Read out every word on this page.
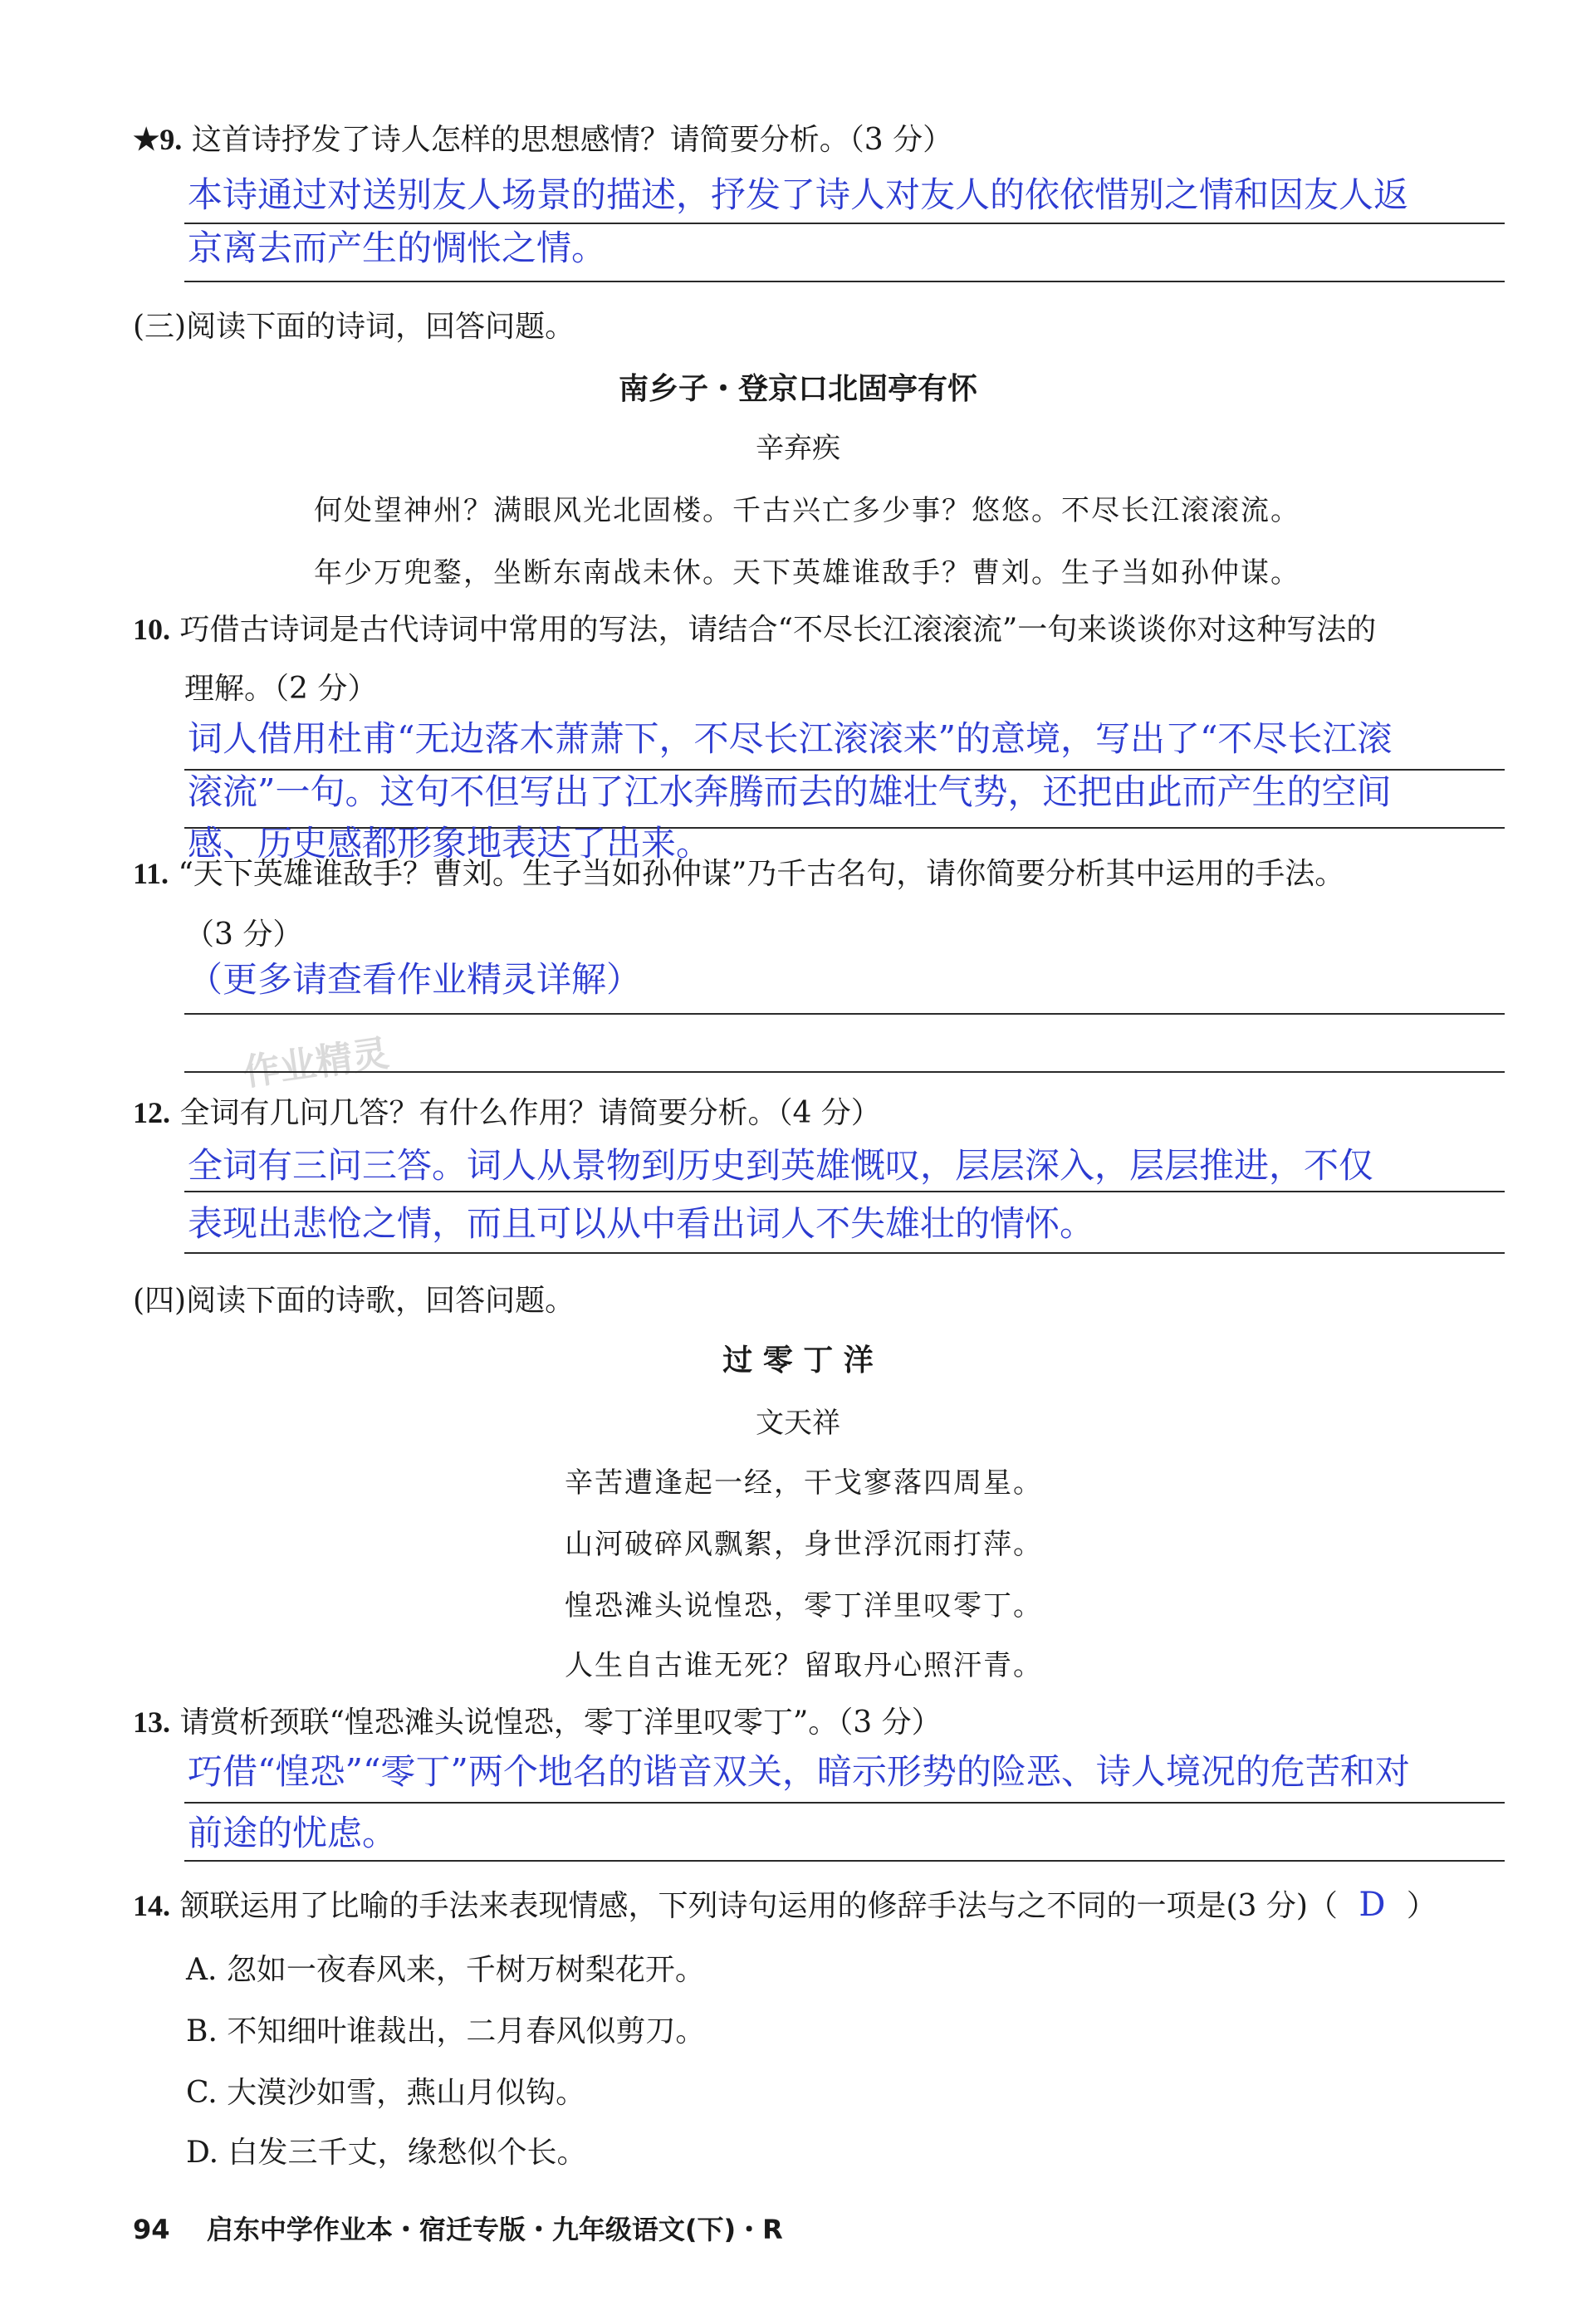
★9. 这首诗抒发了诗人怎样的思想感情？请简要分析。（3 分）
本诗通过对送别友人场景的描述，抒发了诗人对友人的依依惜别之情和因友人返
京离去而产生的惆怅之情。
(三)阅读下面的诗词，回答问题。
南乡子・登京口北固亭有怀
辛弃疾
何处望神州？满眼风光北固楼。千古兴亡多少事？悠悠。不尽长江滚滚流。
年少万兜鍪，坐断东南战未休。天下英雄谁敌手？曹刘。生子当如孙仲谋。
10. 巧借古诗词是古代诗词中常用的写法，请结合“不尽长江滚滚流”一句来谈谈你对这种写法的
理解。（2 分）
词人借用杜甫“无边落木萧萧下，不尽长江滚滚来”的意境，写出了“不尽长江滚
滚流”一句。这句不但写出了江水奔腾而去的雄壮气势，还把由此而产生的空间
感、历史感都形象地表达了出来。
11. “天下英雄谁敌手？曹刘。生子当如孙仲谋”乃千古名句，请你简要分析其中运用的手法。
（3 分）
（更多请查看作业精灵详解）
作业精灵
12. 全词有几问几答？有什么作用？请简要分析。（4 分）
全词有三问三答。词人从景物到历史到英雄慨叹，层层深入，层层推进，不仅
表现出悲怆之情，而且可以从中看出词人不失雄壮的情怀。
(四)阅读下面的诗歌，回答问题。
过 零 丁 洋
文天祥
辛苦遭逢起一经，干戈寥落四周星。
山河破碎风飘絮，身世浮沉雨打萍。
惶恐滩头说惶恐，零丁洋里叹零丁。
人生自古谁无死？留取丹心照汗青。
13. 请赏析颈联“惶恐滩头说惶恐，零丁洋里叹零丁”。（3 分）
巧借“惶恐”“零丁”两个地名的谐音双关，暗示形势的险恶、诗人境况的危苦和对
前途的忧虑。
14. 颔联运用了比喻的手法来表现情感，下列诗句运用的修辞手法与之不同的一项是(3 分)（ D ）
A. 忽如一夜春风来，千树万树梨花开。
B. 不知细叶谁裁出，二月春风似剪刀。
C. 大漠沙如雪，燕山月似钩。
D. 白发三千丈，缘愁似个长。
94 启东中学作业本・宿迁专版・九年级语文(下)・R
